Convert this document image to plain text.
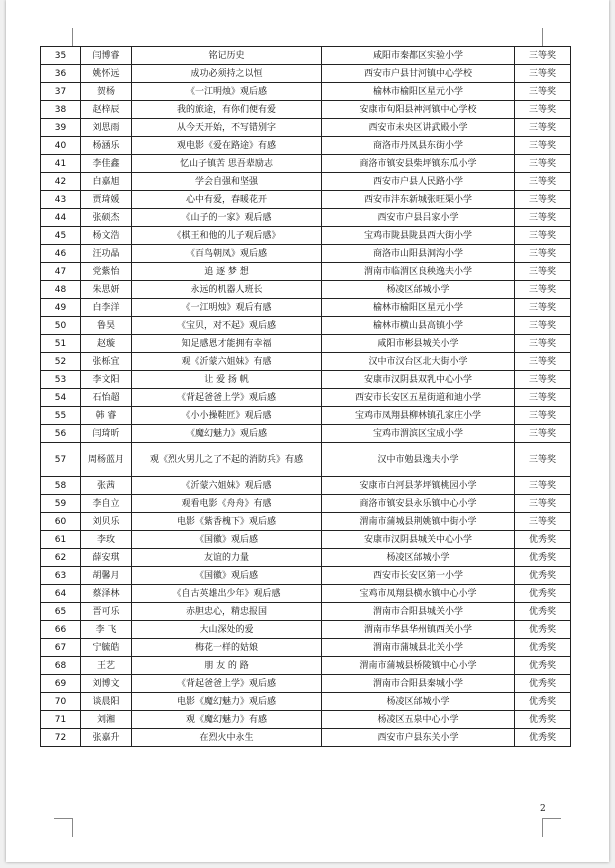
35	闫博睿	铭记历史	咸阳市秦都区实验小学	三等奖
36	姚怀远	成功必须持之以恒	西安市户县甘河镇中心学校	三等奖
37	贺杨	《一江明烛》观后感	榆林市榆阳区星元小学	三等奖
38	赵梓辰	我的旅途，有你们便有爱	安康市旬阳县神河镇中心学校	三等奖
39	刘思雨	从今天开始，不写错别字	西安市未央区讲武殿小学	三等奖
40	杨涵乐	观电影《爱在路途》有感	商洛市丹凤县东街小学	三等奖
41	李佳鑫	忆山子镇苦 思吾辈励志	商洛市镇安县柴坪镇东瓜小学	三等奖
42	白嘉旭	学会自强和坚强	西安市户县人民路小学	三等奖
43	贾琦媛	心中有爱，春暖花开	西安市沣东新城张旺渠小学	三等奖
44	张硕杰	《山子的一家》观后感	西安市户县吕家小学	三等奖
45	杨文浩	《棋王和他的儿子观后感》	宝鸡市陇县陇县西大街小学	三等奖
46	汪功晶	《百鸟朝凤》观后感	商洛市山阳县洞沟小学	三等奖
47	党紫怡	追 逐 梦 想	渭南市临渭区良秧逸夫小学	三等奖
48	朱思妍	永远的机器人班长	杨凌区邰城小学	三等奖
49	白李洋	《一江明烛》观后有感	榆林市榆阳区星元小学	三等奖
50	鲁昊	《宝贝，对不起》观后感	榆林市横山县高镇小学	三等奖
51	赵璇	知足感恩才能拥有幸福	咸阳市彬县城关小学	三等奖
52	张栎宜	观《沂蒙六姐妹》有感	汉中市汉台区北大街小学	三等奖
53	李文阳	让 爱 扬 帆	安康市汉阴县双乳中心小学	三等奖
54	石怡超	《背起爸爸上学》观后感	西安市长安区五星街道和迪小学	三等奖
55	韩 睿	《小小操鞋匠》观后感	宝鸡市凤翔县柳林镇孔家庄小学	三等奖
56	闫琦昕	《魔幻魅力》观后感	宝鸡市渭滨区宝成小学	三等奖
57	周杨蓝月	观《烈火男儿之了不起的消防兵》有感	汉中市勉县逸夫小学	三等奖
58	张茜	《沂蒙六姐妹》观后感	安康市白河县茅坪镇桃园小学	三等奖
59	李自立	观看电影《舟舟》有感	商洛市镇安县永乐镇中心小学	三等奖
60	刘贝乐	电影《紫香槐下》观后感	渭南市蒲城县荆姚镇中街小学	三等奖
61	李玫	《国徽》观后感	安康市汉阴县城关中心小学	优秀奖
62	薛安琪	友谊的力量	杨凌区邰城小学	优秀奖
63	胡馨月	《国徽》观后感	西安市长安区第一小学	优秀奖
64	蔡泽林	《自古英雄出少年》观后感	宝鸡市凤翔县横水镇中心小学	优秀奖
65	晋可乐	赤胆忠心，精忠报国	渭南市合阳县城关小学	优秀奖
66	李 飞	大山深处的爱	渭南市华县华州镇西关小学	优秀奖
67	宁毓皓	梅花一样的姑娘	渭南市蒲城县北关小学	优秀奖
68	王艺	朋 友 的 路	渭南市蒲城县桥陵镇中心小学	优秀奖
69	刘博文	《背起爸爸上学》观后感	渭南市合阳县秦城小学	优秀奖
70	谈晨阳	电影《魔幻魅力》观后感	杨凌区邰城小学	优秀奖
71	刘湘	观《魔幻魅力》有感	杨凌区五泉中心小学	优秀奖
72	张嘉升	在烈火中永生	西安市户县东关小学	优秀奖
2
